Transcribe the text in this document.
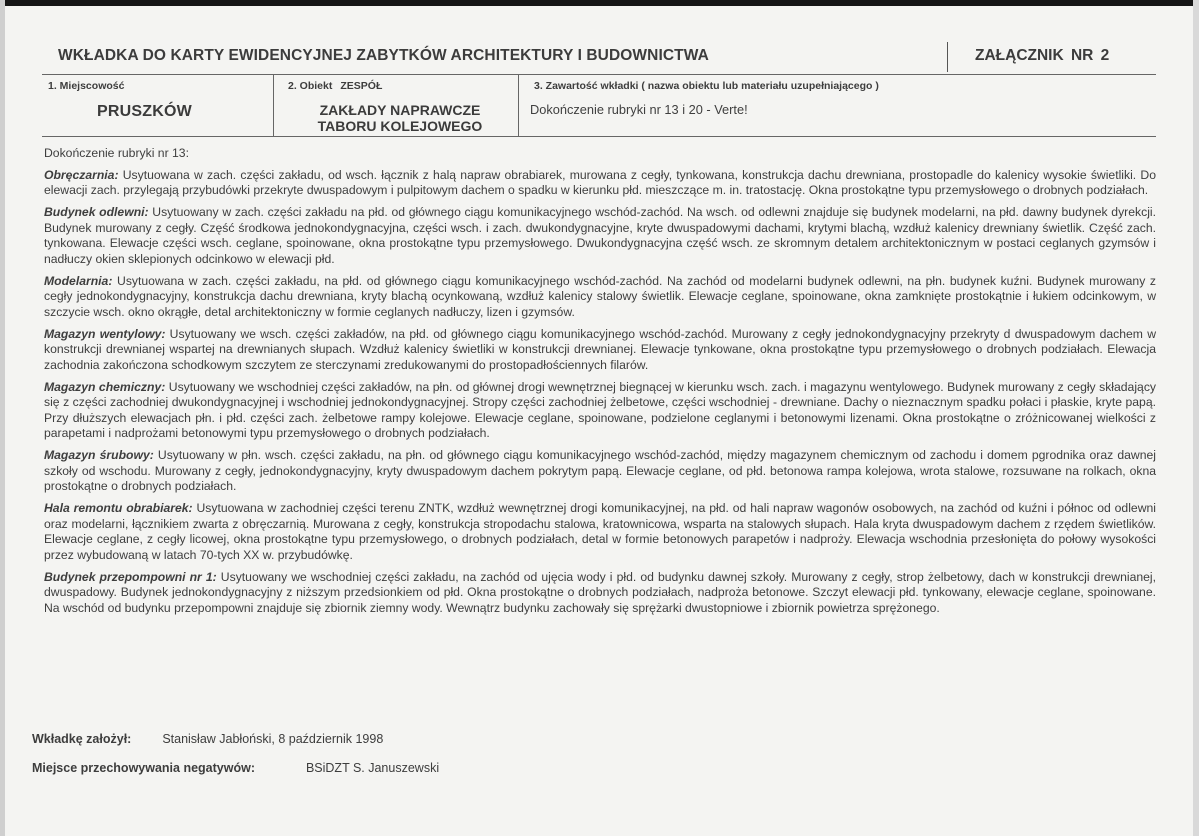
WKŁADKA DO KARTY EWIDENCYJNEJ ZABYTKÓW ARCHITEKTURY I BUDOWNICTWA	ZAŁĄCZNIK NR 2
1. Miejscowość
PRUSZKÓW
2. Obiekt ZESPÓŁ
ZAKŁADY NAPRAWCZE TABORU KOLEJOWEGO
3. Zawartość wkładki ( nazwa obiektu lub materiału uzupełniającego )
Dokończenie rubryki nr 13 i 20 - Verte!
Dokończenie rubryki nr 13:
Obręczarnia: Usytuowana w zach. części zakładu, od wsch. łącznik z halą napraw obrabiarek, murowana z cegły, tynkowana, konstrukcja dachu drewniana, prostopadle do kalenicy wysokie świetliki. Do elewacji zach. przylegają przybudówki przekryte dwuspadowym i pulpitowym dachem o spadku w kierunku płd. mieszczące m. in. tratostację. Okna prostokątne typu przemysłowego o drobnych podziałach.
Budynek odlewni: Usytuowany w zach. części zakładu na płd. od głównego ciągu komunikacyjnego wschód-zachód. Na wsch. od odlewni znajduje się budynek modelarni, na płd. dawny budynek dyrekcji. Budynek murowany z cegły. Część środkowa jednokondygnacyjna, części wsch. i zach. dwukondygnacyjne, kryte dwuspadowymi dachami, krytymi blachą, wzdłuż kalenicy drewniany świetlik. Część zach. tynkowana. Elewacje części wsch. ceglane, spoinowane, okna prostokątne typu przemysłowego. Dwukondygnacyjna część wsch. ze skromnym detalem architektonicznym w postaci ceglanych gzymsów i nadłuczy okien sklepionych odcinkowo w elewacji płd.
Modelarnia: Usytuowana w zach. części zakładu, na płd. od głównego ciągu komunikacyjnego wschód-zachód. Na zachód od modelarni budynek odlewni, na płn. budynek kuźni. Budynek murowany z cegły jednokondygnacyjny, konstrukcja dachu drewniana, kryty blachą ocynkowaną, wzdłuż kalenicy stalowy świetlik. Elewacje ceglane, spoinowane, okna zamknięte prostokątnie i łukiem odcinkowym, w szczycie wsch. okno okrągłe, detal architektoniczny w formie ceglanych nadłuczy, lizen i gzymsów.
Magazyn wentylowy: Usytuowany we wsch. części zakładów, na płd. od głównego ciągu komunikacyjnego wschód-zachód. Murowany z cegły jednokondygnacyjny przekryty d dwuspadowym dachem w konstrukcji drewnianej wspartej na drewnianych słupach. Wzdłuż kalenicy świetliki w konstrukcji drewnianej. Elewacje tynkowane, okna prostokątne typu przemysłowego o drobnych podziałach. Elewacja zachodnia zakończona schodkowym szczytem ze sterczynami zredukowanymi do prostopadłościennych filarów.
Magazyn chemiczny: Usytuowany we wschodniej części zakładów, na płn. od głównej drogi wewnętrznej biegnącej w kierunku wsch. zach. i magazynu wentylowego. Budynek murowany z cegły składający się z części zachodniej dwukondygnacyjnej i wschodniej jednokondygnacyjnej. Stropy części zachodniej żelbetowe, części wschodniej - drewniane. Dachy o nieznacznym spadku połaci i płaskie, kryte papą. Przy dłuższych elewacjach płn. i płd. części zach. żelbetowe rampy kolejowe. Elewacje ceglane, spoinowane, podzielone ceglanymi i betonowymi lizenami. Okna prostokątne o zróżnicowanej wielkości z parapetami i nadprożami betonowymi typu przemysłowego o drobnych podziałach.
Magazyn śrubowy: Usytuowany w płn. wsch. części zakładu, na płn. od głównego ciągu komunikacyjnego wschód-zachód, między magazynem chemicznym od zachodu i domem pgrodnika oraz dawnej szkoły od wschodu. Murowany z cegły, jednokondygnacyjny, kryty dwuspadowym dachem pokrytym papą. Elewacje ceglane, od płd. betonowa rampa kolejowa, wrota stalowe, rozsuwane na rolkach, okna prostokątne o drobnych podziałach.
Hala remontu obrabiarek: Usytuowana w zachodniej części terenu ZNTK, wzdłuż wewnętrznej drogi komunikacyjnej, na płd. od hali napraw wagonów osobowych, na zachód od kuźni i północ od odlewni oraz modelarni, łącznikiem zwarta z obręczarnią. Murowana z cegły, konstrukcja stropodachu stalowa, kratownicowa, wsparta na stalowych słupach. Hala kryta dwuspadowym dachem z rzędem świetlików. Elewacje ceglane, z cegły licowej, okna prostokątne typu przemysłowego, o drobnych podziałach, detal w formie betonowych parapetów i nadproży. Elewacja wschodnia przesłonięta do połowy wysokości przez wybudowaną w latach 70-tych XX w. przybudówkę.
Budynek przepompowni nr 1: Usytuowany we wschodniej części zakładu, na zachód od ujęcia wody i płd. od budynku dawnej szkoły. Murowany z cegły, strop żelbetowy, dach w konstrukcji drewnianej, dwuspadowy. Budynek jednokondygnacyjny z niższym przedsionkiem od płd. Okna prostokątne o drobnych podziałach, nadproża betonowe. Szczyt elewacji płd. tynkowany, elewacje ceglane, spoinowane. Na wschód od budynku przepompowni znajduje się zbiornik ziemny wody. Wewnątrz budynku zachowały się sprężarki dwustopniowe i zbiornik powietrza sprężonego.
Wkładkę założył: Stanisław Jabłoński, 8 październik 1998
Miejsce przechowywania negatywów:	BSiDZT S. Januszewski
